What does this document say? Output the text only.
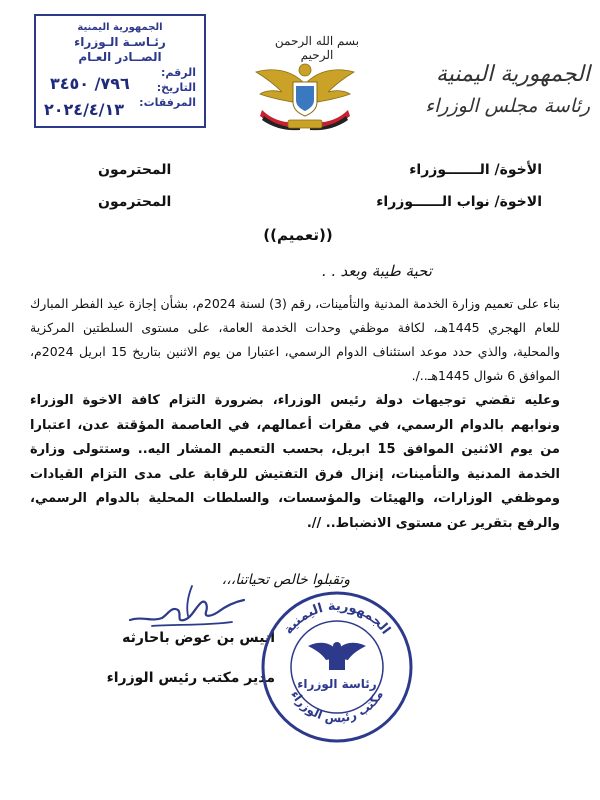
الجمهورية اليمنية
رئـاسـة الـوزراء
الصــادر العـام
الرقم:
التاريخ:
المرفقات:
٧٩٦/ ٣٤٥٠
٢٠٢٤/٤/١٣
بسم الله الرحمن الرحيم
الجمهورية اليمنية
رئاسة مجلس الوزراء
الأخوة/ الـــــــوزراء
المحترمون
الاخوة/ نواب الــــــوزراء
المحترمون
((تعميم))
تحية طيبة وبعد . .
بناء على تعميم وزارة الخدمة المدنية والتأمينات، رقم (3) لسنة 2024م، بشأن إجازة عيد الفطر المبارك للعام الهجري 1445هـ، لكافة موظفي وحدات الخدمة العامة، على مستوى السلطتين المركزية والمحلية، والذي حدد موعد استئناف الدوام الرسمي، اعتبارا من يوم الاثنين بتاريخ 15 ابريل 2024م، الموافق 6 شوال 1445هـ../.
وعليه تقضي توجيهات دولة رئيس الوزراء، بضرورة التزام كافة الاخوة الوزراء ونوابهم بالدوام الرسمي، في مقرات أعمالهم، في العاصمة المؤقتة عدن، اعتبارا من يوم الاثنين الموافق 15 ابريل، بحسب التعميم المشار اليه.. وستتولى وزارة الخدمة المدنية والتأمينات، إنزال فرق التفتيش للرقابة على مدى التزام القيادات وموظفي الوزارات، والهيئات والمؤسسات، والسلطات المحلية بالدوام الرسمي، والرفع بتقرير عن مستوى الانضباط.. //.
وتقبلوا خالص تحياتنا،،،
انيس بن عوض باحارثه
مدير مكتب رئيس الوزراء
الجمهورية اليمنية
مكتب رئيس الوزراء
رئاسة الوزراء
